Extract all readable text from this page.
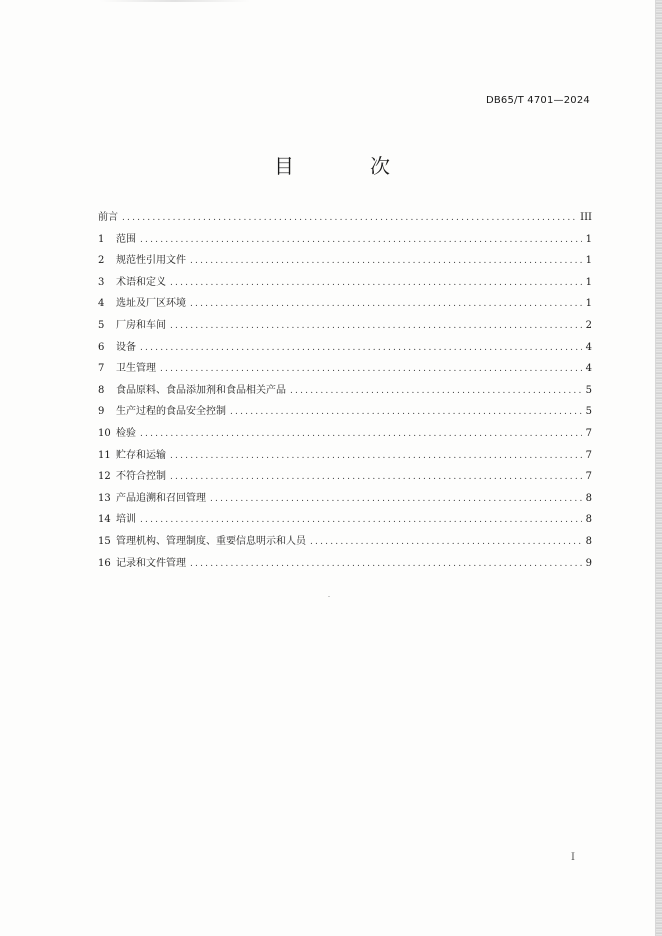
DB65/T 4701—2024
目　次
前言 .....	III
1	范围 .....	1
2	规范性引用文件 .....	1
3	术语和定义 .....	1
4	选址及厂区环境 .....	1
5	厂房和车间 .....	2
6	设备 .....	4
7	卫生管理 .....	4
8	食品原料、食品添加剂和食品相关产品 .....	5
9	生产过程的食品安全控制 .....	5
10 检验 .....	7
11 贮存和运输 .....	7
12 不符合控制 .....	7
13 产品追溯和召回管理 .....	8
14 培训 .....	8
15 管理机构、管理制度、重要信息明示和人员 .....	8
16 记录和文件管理 .....	9
I
